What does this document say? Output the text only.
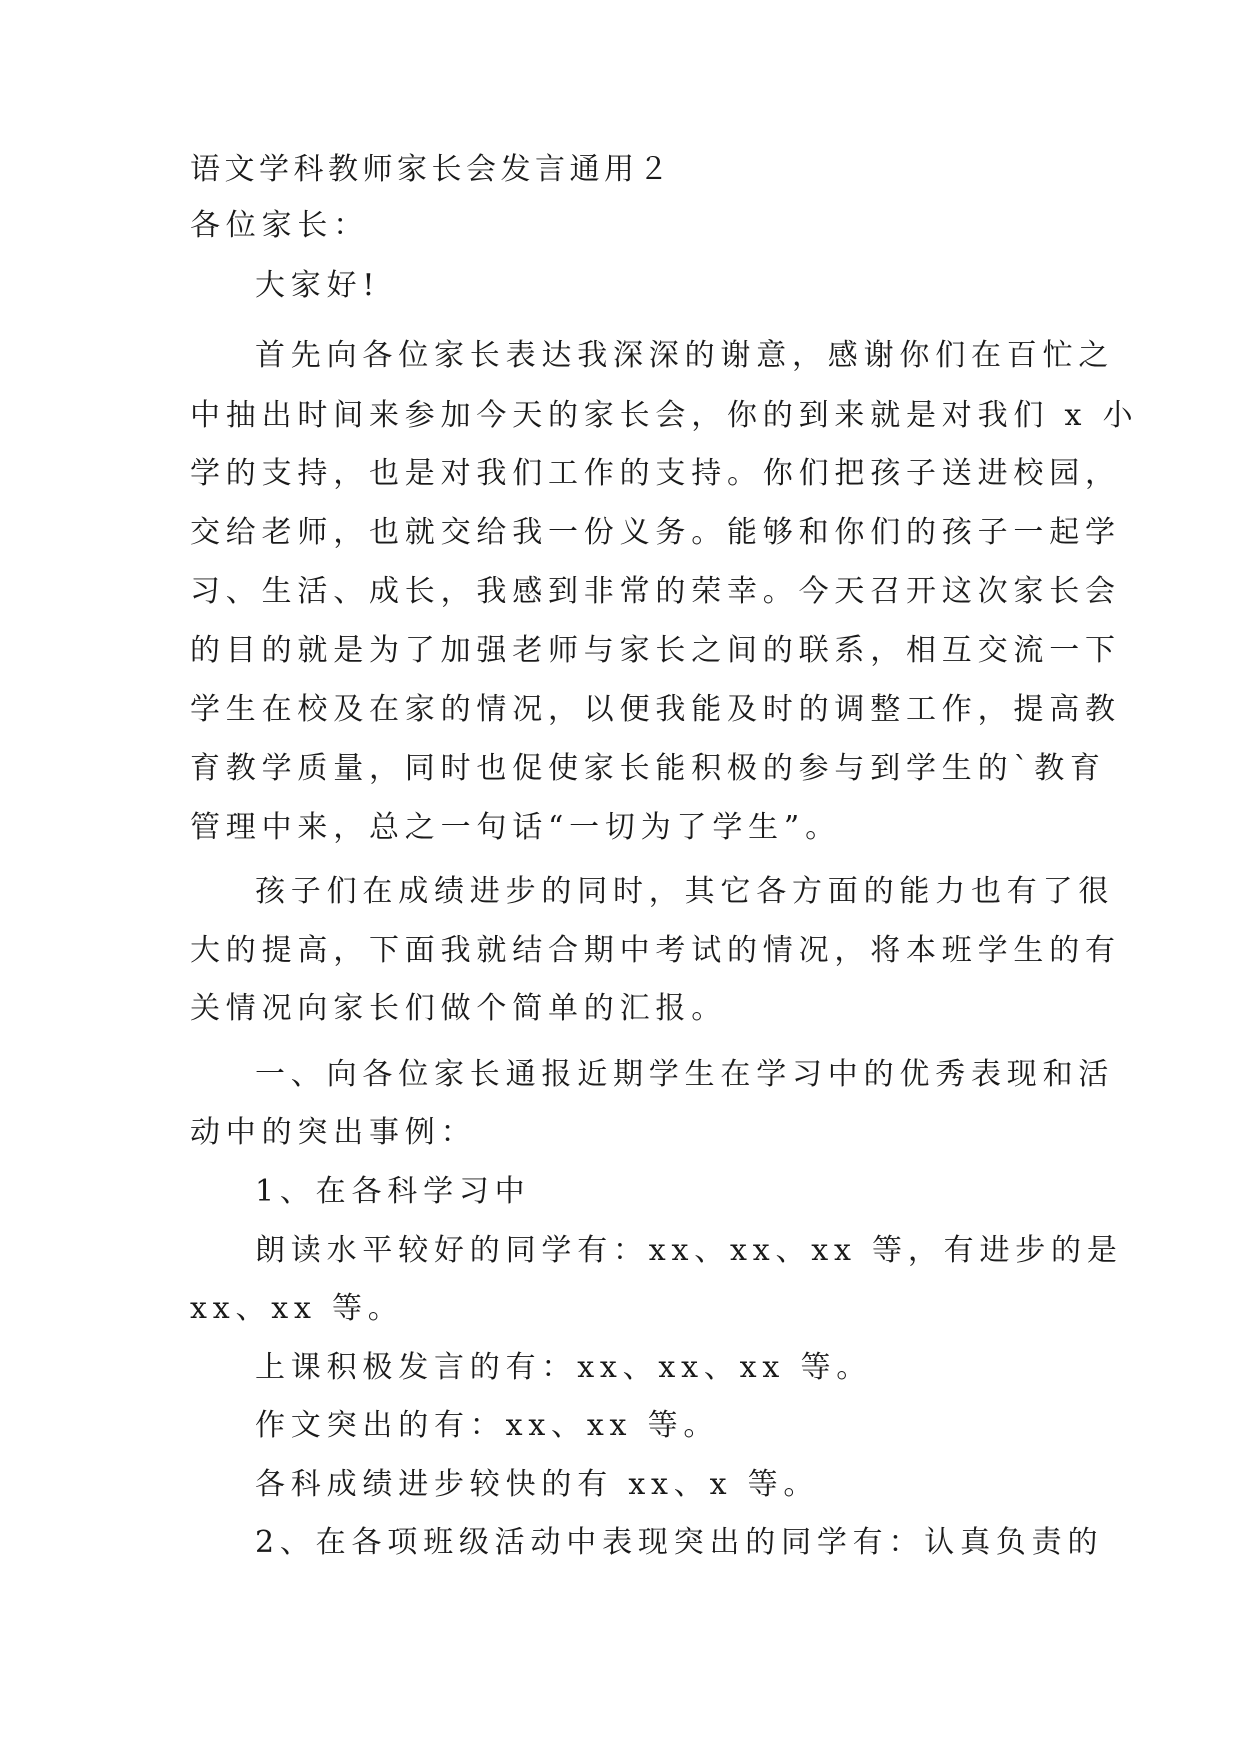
语文学科教师家长会发言通用２

各位家长：

大家好!

首先向各位家长表达我深深的谢意，感谢你们在百忙之

中抽出时间来参加今天的家长会，你的到来就是对我们 x 小

学的支持，也是对我们工作的支持。你们把孩子送进校园，

交给老师，也就交给我一份义务。能够和你们的孩子一起学

习、生活、成长，我感到非常的荣幸。今天召开这次家长会

的目的就是为了加强老师与家长之间的联系，相互交流一下

学生在校及在家的情况，以便我能及时的调整工作，提高教

育教学质量，同时也促使家长能积极的参与到学生的`教育

管理中来，总之一句话“一切为了学生”。

孩子们在成绩进步的同时，其它各方面的能力也有了很

大的提高，下面我就结合期中考试的情况，将本班学生的有

关情况向家长们做个简单的汇报。

一、向各位家长通报近期学生在学习中的优秀表现和活

动中的突出事例：

1、在各科学习中

朗读水平较好的同学有：xx、xx、xx 等，有进步的是

xx、xx 等。

上课积极发言的有：xx、xx、xx 等。

作文突出的有：xx、xx 等。

各科成绩进步较快的有 xx、x 等。

2、在各项班级活动中表现突出的同学有：认真负责的
